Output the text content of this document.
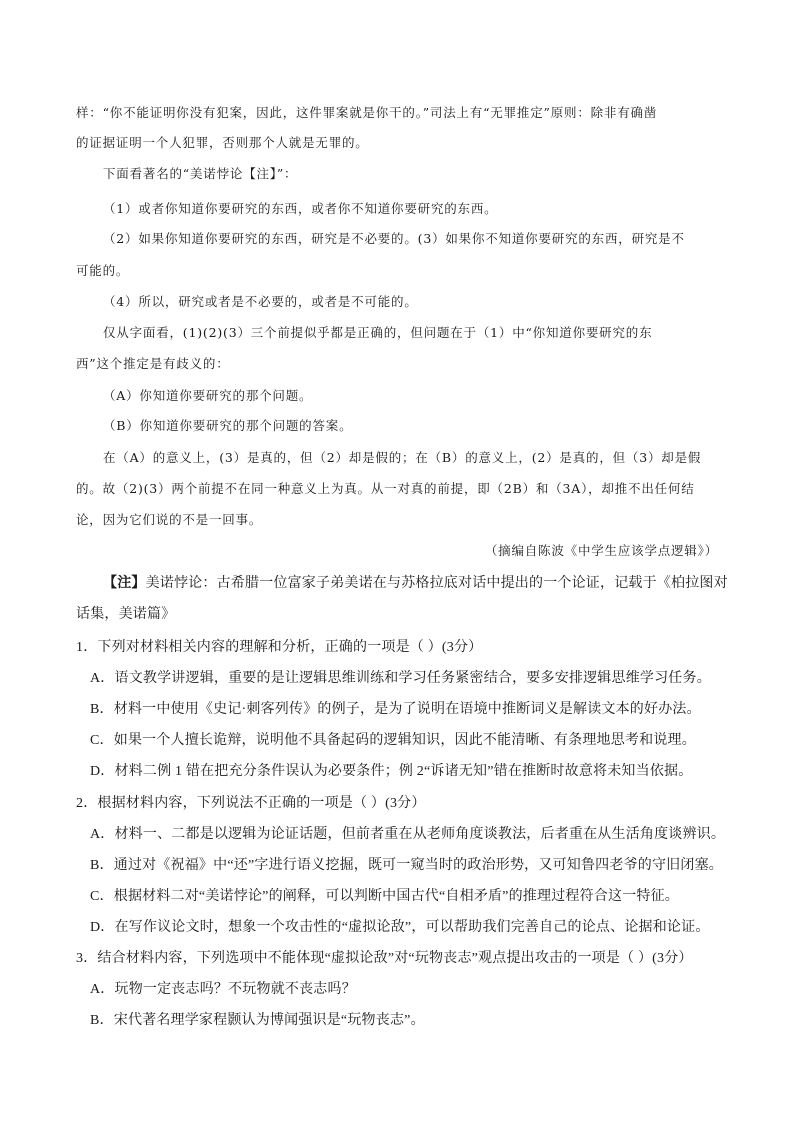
样：“你不能证明你没有犯案，因此，这件罪案就是你干的。”司法上有“无罪推定”原则：除非有确凿
的证据证明一个人犯罪，否则那个人就是无罪的。
下面看著名的“美诺悖论【注】”：
（1）或者你知道你要研究的东西，或者你不知道你要研究的东西。
（2）如果你知道你要研究的东西，研究是不必要的。(3）如果你不知道你要研究的东西，研究是不
可能的。
（4）所以，研究或者是不必要的，或者是不可能的。
仅从字面看，(1)(2)(3）三个前提似乎都是正确的，但问题在于（1）中“你知道你要研究的东
西”这个推定是有歧义的：
（A）你知道你要研究的那个问题。
（B）你知道你要研究的那个问题的答案。
在（A）的意义上，(3）是真的，但（2）却是假的；在（B）的意义上，(2）是真的，但（3）却是假
的。故（2)(3）两个前提不在同一种意义上为真。从一对真的前提，即（2B）和（3A），却推不出任何结
论，因为它们说的不是一回事。
（摘编自陈波《中学生应该学点逻辑》）
【注】美诺悖论：古希腊一位富家子弟美诺在与苏格拉底对话中提出的一个论证，记载于《柏拉图对
话集，美诺篇》
1．下列对材料相关内容的理解和分析，正确的一项是（ ）(3分）
A．语文教学讲逻辑，重要的是让逻辑思维训练和学习任务紧密结合，要多安排逻辑思维学习任务。
B．材料一中使用《史记·刺客列传》的例子，是为了说明在语境中推断词义是解读文本的好办法。
C．如果一个人擅长诡辩，说明他不具备起码的逻辑知识，因此不能清晰、有条理地思考和说理。
D．材料二例 1 错在把充分条件误认为必要条件；例 2“诉诸无知”错在推断时故意将未知当依据。
2．根据材料内容，下列说法不正确的一项是（ ）(3分）
A．材料一、二都是以逻辑为论证话题，但前者重在从老师角度谈教法，后者重在从生活角度谈辨识。
B．通过对《祝福》中“还”字进行语义挖掘，既可一窥当时的政治形势，又可知鲁四老爷的守旧闭塞。
C．根据材料二对“美诺悖论”的阐释，可以判断中国古代“自相矛盾”的推理过程符合这一特征。
D．在写作议论文时，想象一个攻击性的“虚拟论敌”，可以帮助我们完善自己的论点、论据和论证。
3．结合材料内容，下列选项中不能体现“虚拟论敌”对“玩物丧志”观点提出攻击的一项是（ ）(3分）
A．玩物一定丧志吗？不玩物就不丧志吗？
B．宋代著名理学家程颢认为博闻强识是“玩物丧志”。
